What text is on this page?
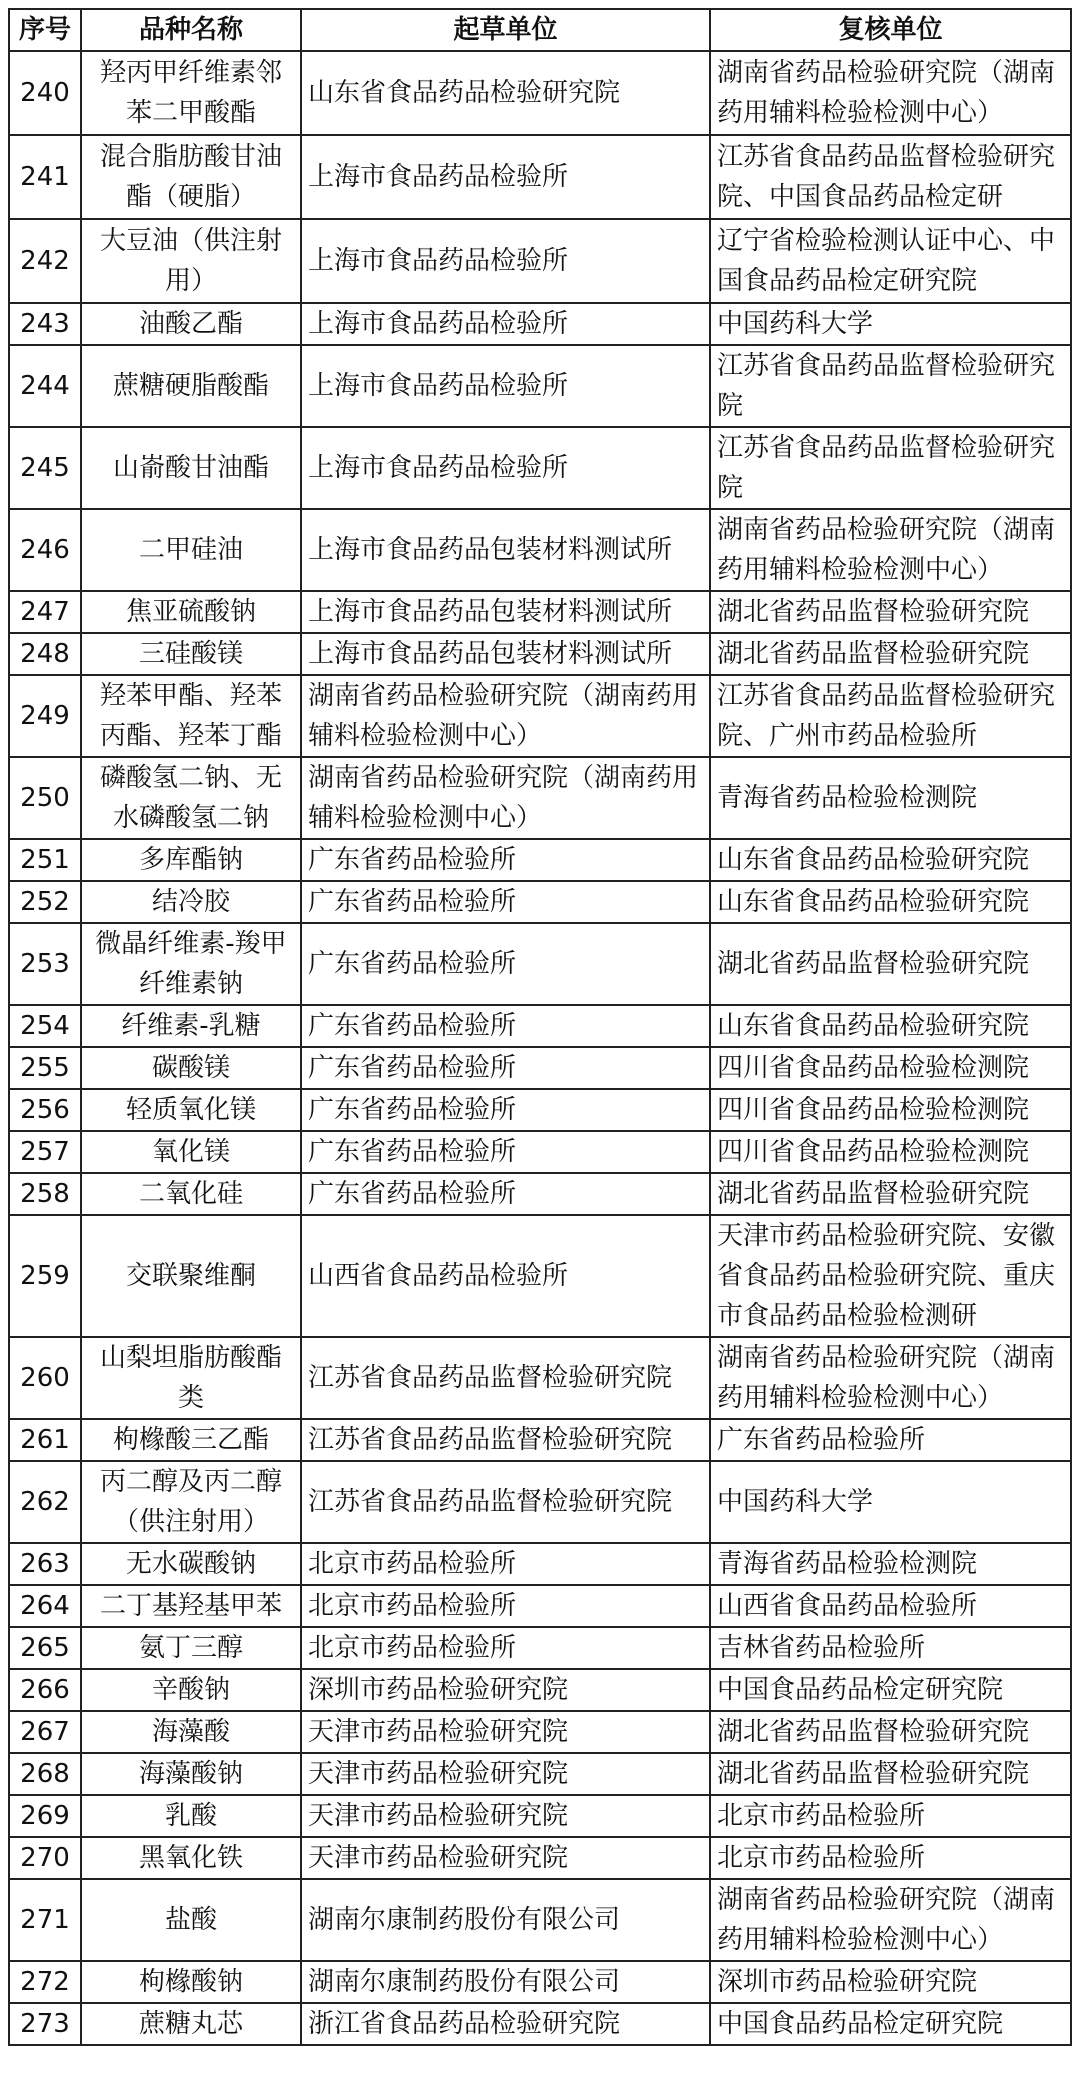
序号	品种名称	起草单位	复核单位
240	羟丙甲纤维素邻苯二甲酸酯	山东省食品药品检验研究院	湖南省药品检验研究院（湖南药用辅料检验检测中心）
241	混合脂肪酸甘油酯（硬脂）	上海市食品药品检验所	江苏省食品药品监督检验研究院、中国食品药品检定研
242	大豆油（供注射用）	上海市食品药品检验所	辽宁省检验检测认证中心、中国食品药品检定研究院
243	油酸乙酯	上海市食品药品检验所	中国药科大学
244	蔗糖硬脂酸酯	上海市食品药品检验所	江苏省食品药品监督检验研究院
245	山嵛酸甘油酯	上海市食品药品检验所	江苏省食品药品监督检验研究院
246	二甲硅油	上海市食品药品包装材料测试所	湖南省药品检验研究院（湖南药用辅料检验检测中心）
247	焦亚硫酸钠	上海市食品药品包装材料测试所	湖北省药品监督检验研究院
248	三硅酸镁	上海市食品药品包装材料测试所	湖北省药品监督检验研究院
249	羟苯甲酯、羟苯丙酯、羟苯丁酯	湖南省药品检验研究院（湖南药用辅料检验检测中心）	江苏省食品药品监督检验研究院、广州市药品检验所
250	磷酸氢二钠、无水磷酸氢二钠	湖南省药品检验研究院（湖南药用辅料检验检测中心）	青海省药品检验检测院
251	多库酯钠	广东省药品检验所	山东省食品药品检验研究院
252	结冷胶	广东省药品检验所	山东省食品药品检验研究院
253	微晶纤维素-羧甲纤维素钠	广东省药品检验所	湖北省药品监督检验研究院
254	纤维素-乳糖	广东省药品检验所	山东省食品药品检验研究院
255	碳酸镁	广东省药品检验所	四川省食品药品检验检测院
256	轻质氧化镁	广东省药品检验所	四川省食品药品检验检测院
257	氧化镁	广东省药品检验所	四川省食品药品检验检测院
258	二氧化硅	广东省药品检验所	湖北省药品监督检验研究院
259	交联聚维酮	山西省食品药品检验所	天津市药品检验研究院、安徽省食品药品检验研究院、重庆市食品药品检验检测研
260	山梨坦脂肪酸酯类	江苏省食品药品监督检验研究院	湖南省药品检验研究院（湖南药用辅料检验检测中心）
261	枸橼酸三乙酯	江苏省食品药品监督检验研究院	广东省药品检验所
262	丙二醇及丙二醇（供注射用）	江苏省食品药品监督检验研究院	中国药科大学
263	无水碳酸钠	北京市药品检验所	青海省药品检验检测院
264	二丁基羟基甲苯	北京市药品检验所	山西省食品药品检验所
265	氨丁三醇	北京市药品检验所	吉林省药品检验所
266	辛酸钠	深圳市药品检验研究院	中国食品药品检定研究院
267	海藻酸	天津市药品检验研究院	湖北省药品监督检验研究院
268	海藻酸钠	天津市药品检验研究院	湖北省药品监督检验研究院
269	乳酸	天津市药品检验研究院	北京市药品检验所
270	黑氧化铁	天津市药品检验研究院	北京市药品检验所
271	盐酸	湖南尔康制药股份有限公司	湖南省药品检验研究院（湖南药用辅料检验检测中心）
272	枸橼酸钠	湖南尔康制药股份有限公司	深圳市药品检验研究院
273	蔗糖丸芯	浙江省食品药品检验研究院	中国食品药品检定研究院
